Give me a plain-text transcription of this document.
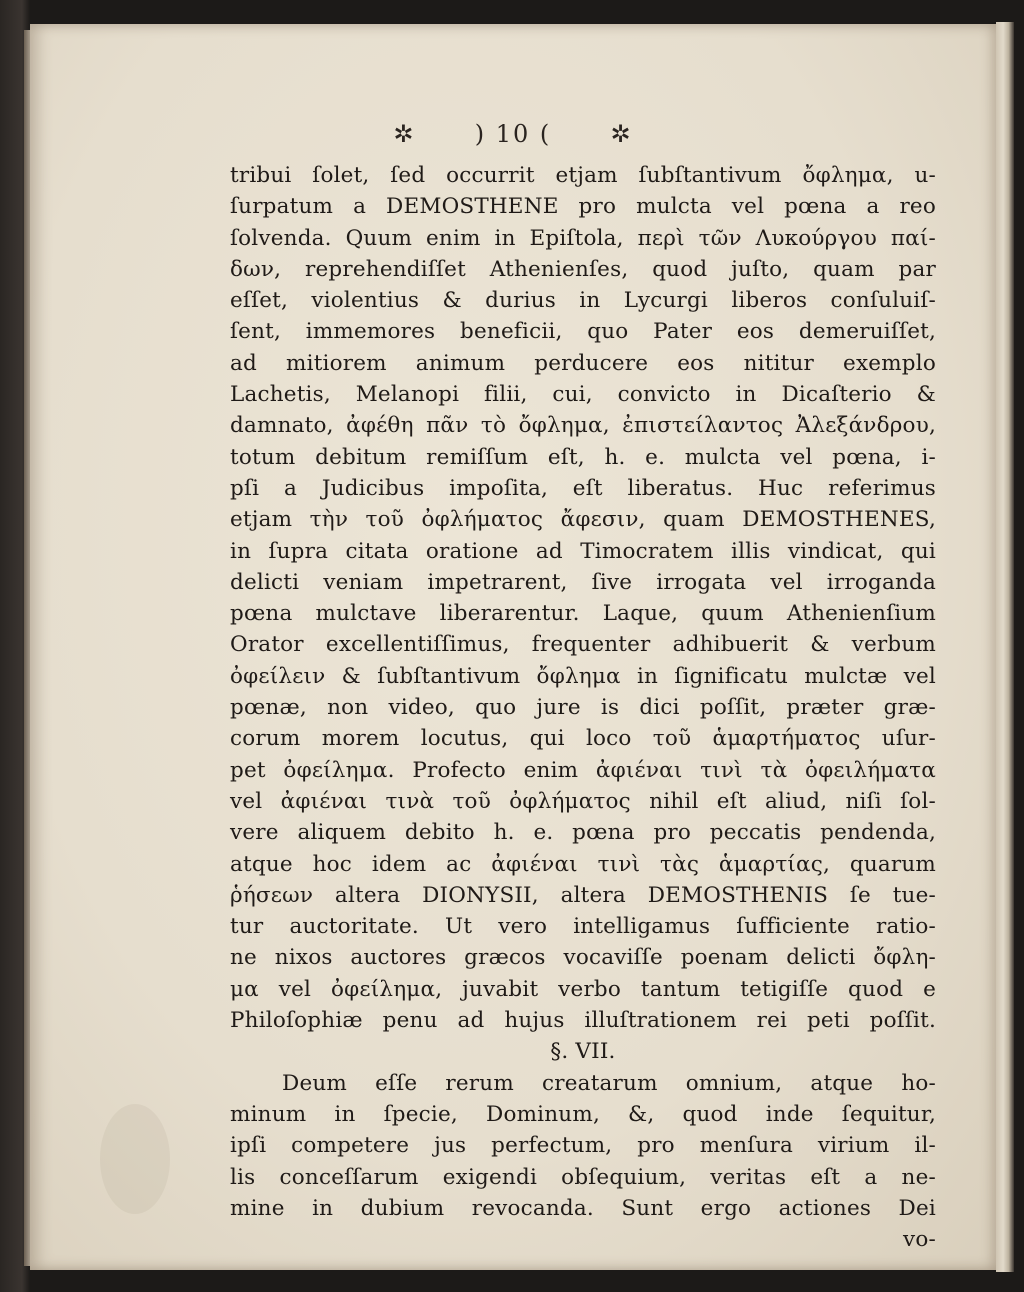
✲ ) 10 ( ✲
tribui ſolet, ſed occurrit etjam ſubſtantivum ὄφλημα, u-
ſurpatum a DEMOSTHENE pro mulcta vel pœna a reo
ſolvenda. Quum enim in Epiſtola, περὶ τῶν Λυκούργου παί-
δων, reprehendiſſet Athenienſes, quod juſto, quam par
eſſet, violentius & durius in Lycurgi liberos conſuluiſ-
ſent, immemores beneficii, quo Pater eos demeruiſſet,
ad mitiorem animum perducere eos nititur exemplo
Lachetis, Melanopi filii, cui, convicto in Dicaſterio &
damnato, ἀφέθη πᾶν τὸ ὄφλημα, ἐπιστείλαντος Ἀλεξάνδρου,
totum debitum remiſſum eſt, h. e. mulcta vel pœna, i-
pſi a Judicibus impoſita, eſt liberatus. Huc referimus
etjam τὴν τοῦ ὀφλήματος ἄφεσιν, quam DEMOSTHENES,
in ſupra citata oratione ad Timocratem illis vindicat, qui
delicti veniam impetrarent, ſive irrogata vel irroganda
pœna mulctave liberarentur. Laque, quum Athenienſium
Orator excellentiſſimus, frequenter adhibuerit & verbum
ὀφείλειν & ſubſtantivum ὄφλημα in ſignificatu mulctæ vel
pœnæ, non video, quo jure is dici poſſit, præter græ-
corum morem locutus, qui loco τοῦ ἁμαρτήματος uſur-
pet ὀφείλημα. Profecto enim ἀφιέναι τινὶ τὰ ὀφειλήματα
vel ἀφιέναι τινὰ τοῦ ὀφλήματος nihil eſt aliud, niſi ſol-
vere aliquem debito h. e. pœna pro peccatis pendenda,
atque hoc idem ac ἀφιέναι τινὶ τὰς ἁμαρτίας, quarum
ῥήσεων altera DIONYSII, altera DEMOSTHENIS ſe tue-
tur auctoritate. Ut vero intelligamus ſufficiente ratio-
ne nixos auctores græcos vocaviſſe poenam delicti ὄφλη-
μα vel ὀφείλημα, juvabit verbo tantum tetigiſſe quod e
Philoſophiæ penu ad hujus illuſtrationem rei peti poſſit.
§. VII.
Deum eſſe rerum creatarum omnium, atque ho-
minum in ſpecie, Dominum, &, quod inde ſequitur,
ipſi competere jus perfectum, pro menſura virium il-
lis conceſſarum exigendi obſequium, veritas eſt a ne-
mine in dubium revocanda. Sunt ergo actiones Dei
vo-
